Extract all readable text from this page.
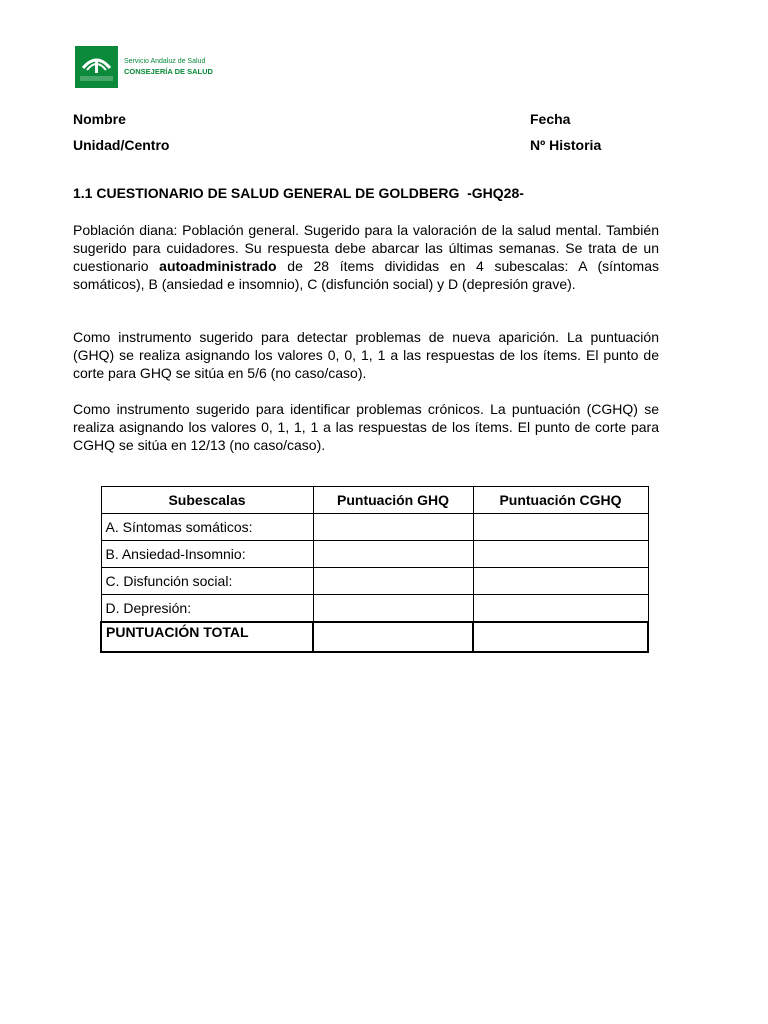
Servicio Andaluz de Salud
CONSEJERÍA DE SALUD
Nombre	Fecha
Unidad/Centro	Nº Historia
1.1 CUESTIONARIO DE SALUD GENERAL DE GOLDBERG  -GHQ28-
Población diana: Población general. Sugerido para la valoración de la salud mental. También sugerido para cuidadores. Su respuesta debe abarcar las últimas semanas. Se trata de un cuestionario autoadministrado de 28 ítems divididas en 4 subescalas: A (síntomas somáticos), B (ansiedad e insomnio), C (disfunción social) y D (depresión grave).
Como instrumento sugerido para detectar problemas de nueva aparición. La puntuación (GHQ) se realiza asignando los valores 0, 0, 1, 1 a las respuestas de los ítems. El punto de corte para GHQ se sitúa en 5/6 (no caso/caso).
Como instrumento sugerido para identificar problemas crónicos. La puntuación (CGHQ) se realiza asignando los valores 0, 1, 1, 1 a las respuestas de los ítems. El punto de corte para CGHQ se sitúa en 12/13 (no caso/caso).
Subescalas	Puntuación GHQ	Puntuación CGHQ
A. Síntomas somáticos:		
B. Ansiedad-Insomnio:		
C. Disfunción social:		
D. Depresión:		
PUNTUACIÓN TOTAL		
